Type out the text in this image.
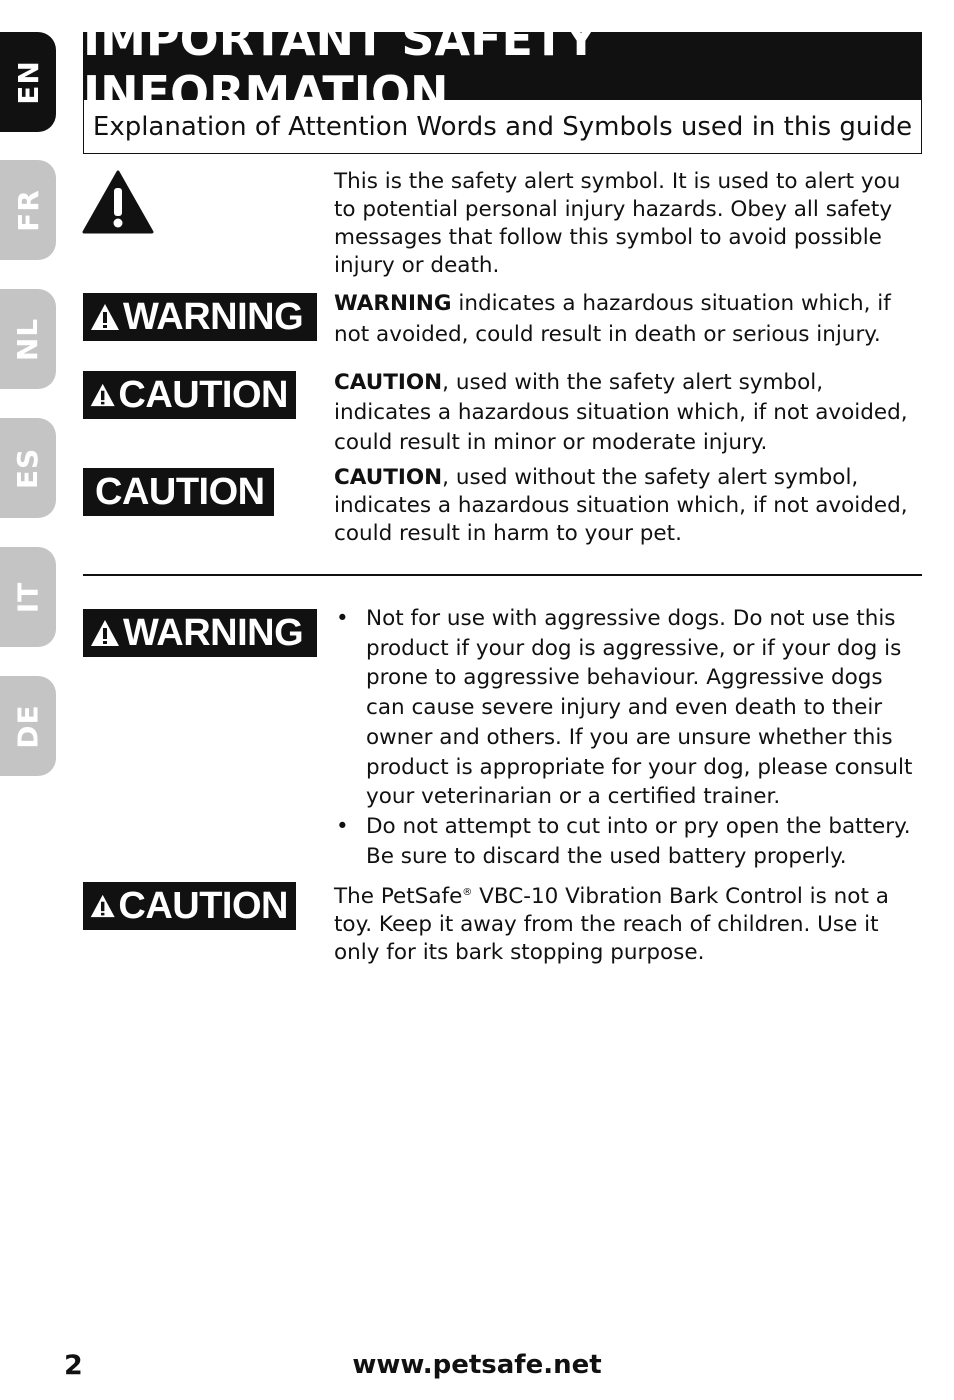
EN
FR
NL
ES
IT
DE
IMPORTANT SAFETY INFORMATION
Explanation of Attention Words and Symbols used in this guide
This is the safety alert symbol. It is used to alert you to potential personal injury hazards. Obey all safety messages that follow this symbol to avoid possible injury or death.
WARNING WARNING indicates a hazardous situation which, if not avoided, could result in death or serious injury.
CAUTION CAUTION, used with the safety alert symbol, indicates a hazardous situation which, if not avoided, could result in minor or moderate injury.
CAUTION	CAUTION, used without the safety alert symbol, indicates a hazardous situation which, if not avoided, could result in harm to your pet.
WARNING
•	Not for use with aggressive dogs. Do not use this product if your dog is aggressive, or if your dog is prone to aggressive behaviour. Aggressive dogs can cause severe injury and even death to their owner and others. If you are unsure whether this product is appropriate for your dog, please consult your veterinarian or a certified trainer.
• Do not attempt to cut into or pry open the battery. Be sure to discard the used battery properly.
CAUTION The PetSafe® VBC-10 Vibration Bark Control is not a toy. Keep it away from the reach of children. Use it only for its bark stopping purpose.
www.petsafe.net
2
